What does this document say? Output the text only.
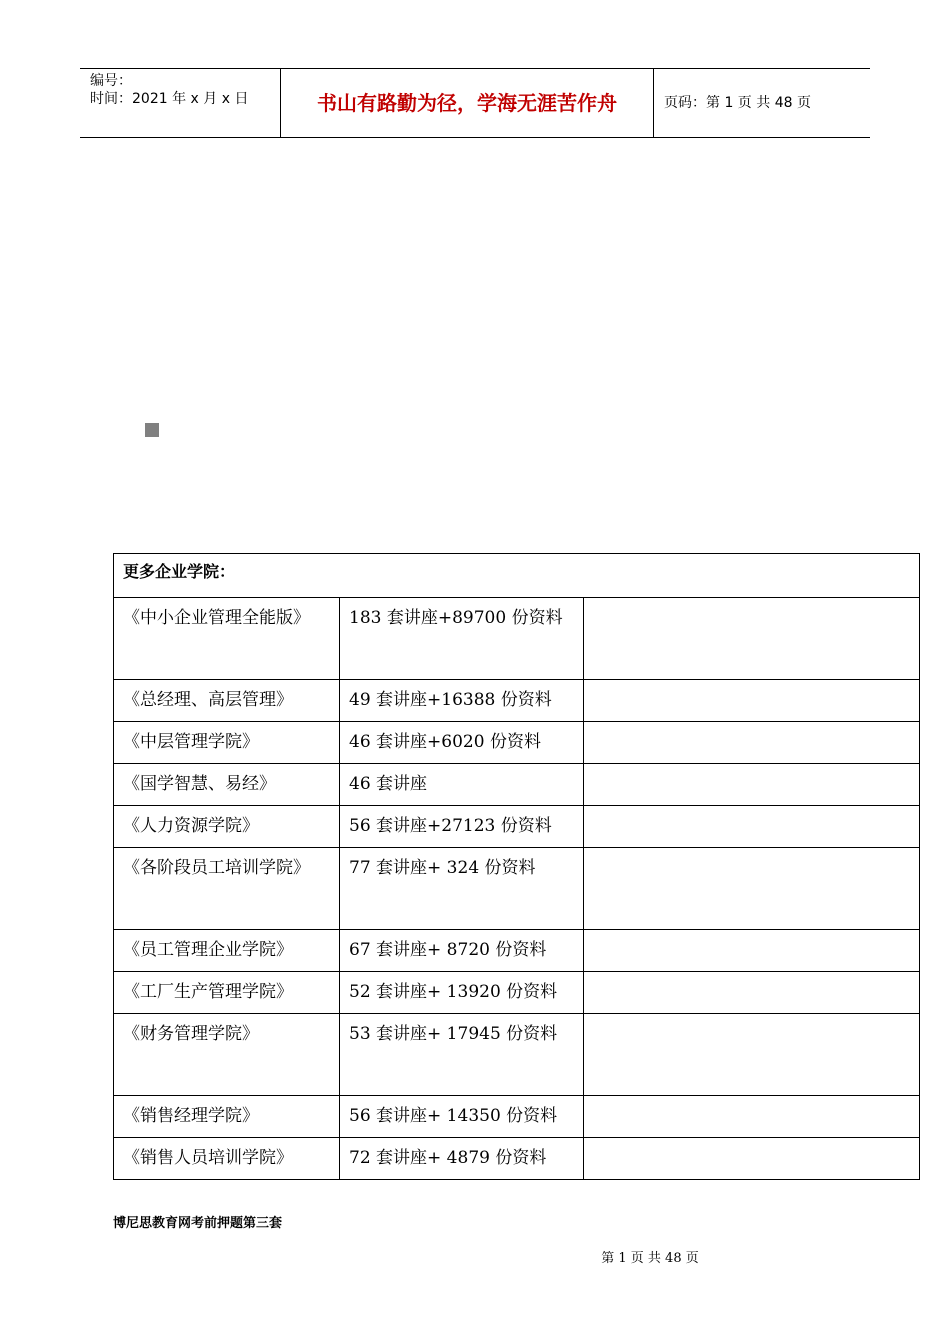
编号：
时间：2021 年 x 月 x 日	书山有路勤为径，学海无涯苦作舟	页码：第 1 页 共 48 页
更多企业学院：		
《中小企业管理全能版》	183 套讲座+89700 份资料	
《总经理、高层管理》	49 套讲座+16388 份资料	
《中层管理学院》	46 套讲座+6020 份资料	
《国学智慧、易经》	46 套讲座	
《人力资源学院》	56 套讲座+27123 份资料	
《各阶段员工培训学院》	77 套讲座+ 324 份资料	
《员工管理企业学院》	67 套讲座+ 8720 份资料	
《工厂生产管理学院》	52 套讲座+ 13920 份资料	
《财务管理学院》	53 套讲座+ 17945 份资料	
《销售经理学院》	56 套讲座+ 14350 份资料	
《销售人员培训学院》	72 套讲座+ 4879 份资料	
博尼思教育网考前押题第三套
第 1 页 共 48 页
